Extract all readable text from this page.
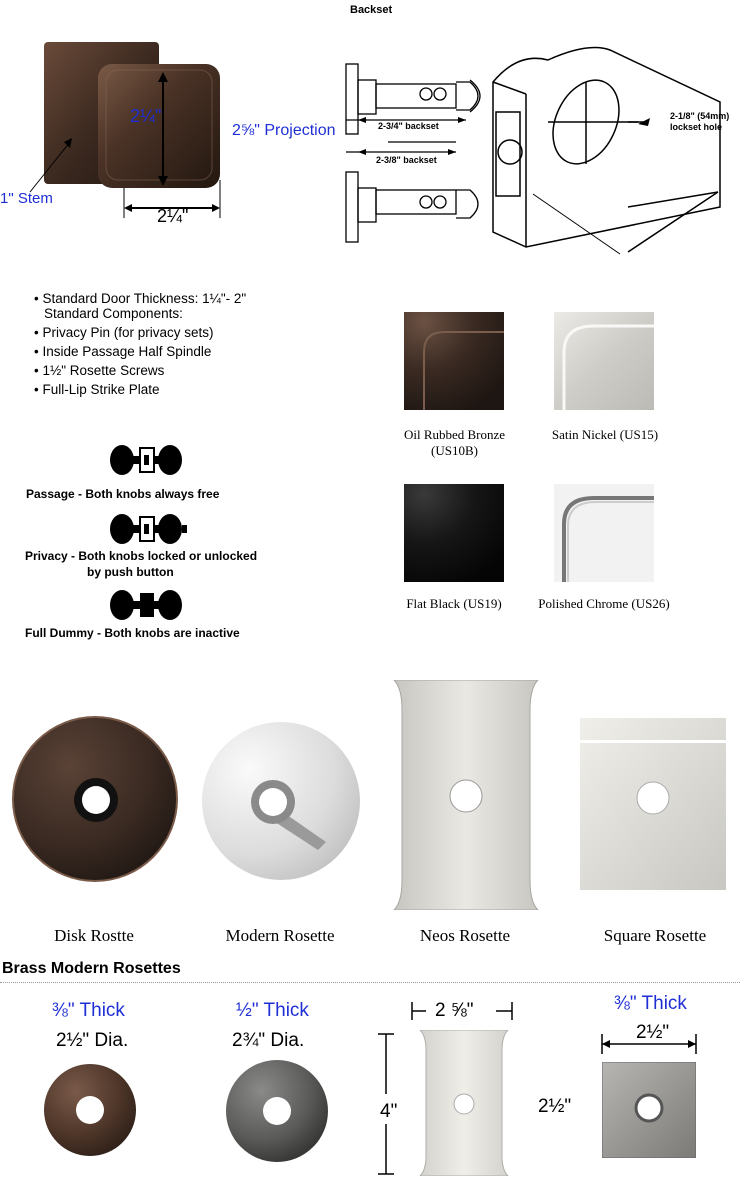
Backset
2¼"
2¼"
2⅝" Projection
1" Stem
2-3/4" backset
2-3/8" backset
2-1/8" (54mm)
lockset hole
• Standard Door Thickness: 1¼"- 2"
Standard Components:
• Privacy Pin (for privacy sets)
• Inside Passage Half Spindle
• 1½" Rosette Screws
• Full-Lip Strike Plate
Passage - Both knobs always free
Privacy - Both knobs locked or unlocked
by push button
Full Dummy - Both knobs are inactive
Oil Rubbed Bronze
(US10B)
Satin Nickel (US15)
Flat Black (US19)	Polished Chrome (US26)
Disk Rostte	Modern Rosette	Neos Rosette	Square Rosette
Brass Modern Rosettes
⅜" Thick
2½" Dia.
½" Thick
2¾" Dia.
2 ⅝"
4"
⅜" Thick
2½"
2½"
